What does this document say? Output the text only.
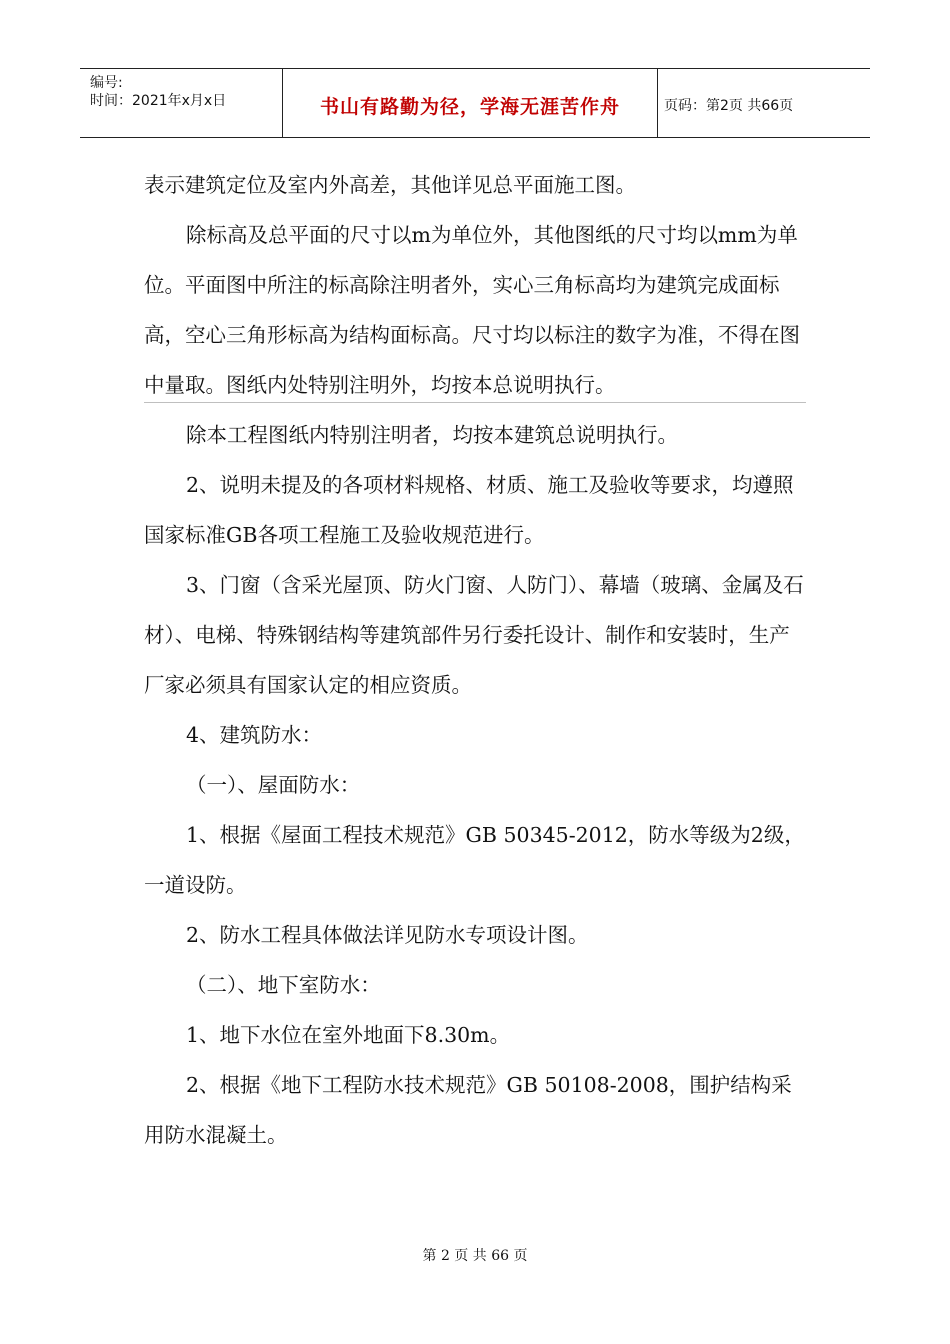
编号:
时间：2021年x月x日	书山有路勤为径，学海无涯苦作舟	页码：第2页 共66页

表示建筑定位及室内外高差，其他详见总平面施工图。

除标高及总平面的尺寸以m为单位外，其他图纸的尺寸均以mm为单位。平面图中所注的标高除注明者外，实心三角标高均为建筑完成面标高，空心三角形标高为结构面标高。尺寸均以标注的数字为准，不得在图中量取。图纸内处特别注明外，均按本总说明执行。

除本工程图纸内特别注明者，均按本建筑总说明执行。

2、说明未提及的各项材料规格、材质、施工及验收等要求，均遵照国家标准GB各项工程施工及验收规范进行。

3、门窗（含采光屋顶、防火门窗、人防门）、幕墙（玻璃、金属及石材）、电梯、特殊钢结构等建筑部件另行委托设计、制作和安装时，生产厂家必须具有国家认定的相应资质。

4、建筑防水：

（一）、屋面防水：

1、根据《屋面工程技术规范》GB 50345-2012，防水等级为2级，一道设防。

2、防水工程具体做法详见防水专项设计图。

（二）、地下室防水：

1、地下水位在室外地面下8.30m。

2、根据《地下工程防水技术规范》GB 50108-2008，围护结构采用防水混凝土。

第 2 页 共 66 页
